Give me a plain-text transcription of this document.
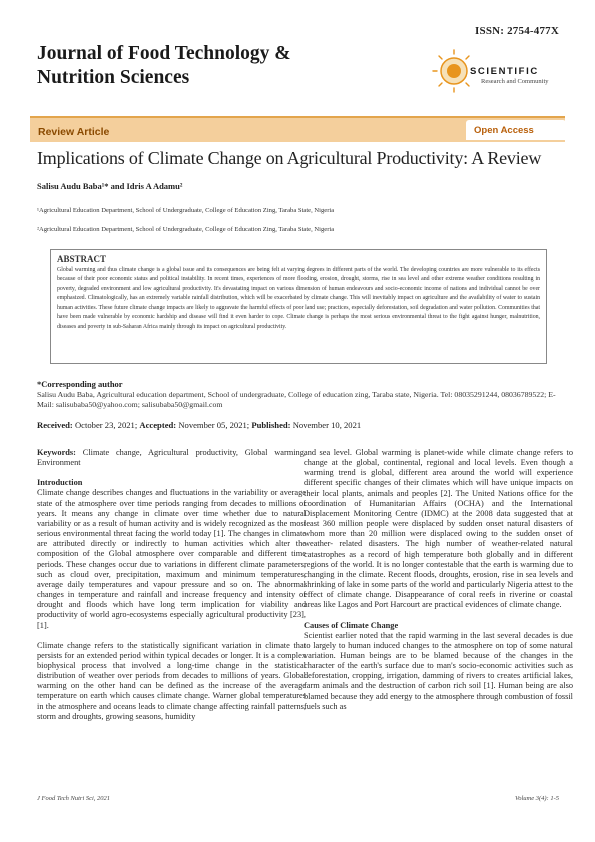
ISSN: 2754-477X
Journal of Food Technology & Nutrition Sciences	SCIENTIFIC
Research and Community
Review Article	Open Access
Implications of Climate Change on Agricultural Productivity: A Review
Salisu Audu Baba¹* and Idris A Adamu²
¹Agricultural Education Department, School of Undergraduate, College of Education Zing, Taraba State, Nigeria
²Agricultural Education Department, School of Undergraduate, College of Education Zing, Taraba State, Nigeria
ABSTRACT
Global warming and thus climate change is a global issue and its consequences are being felt at varying degrees in different parts of the world. The developing countries are more vulnerable to its effects because of their poor economic status and political instability. In recent times, experiences of more flooding, erosion, drought, storms, rise in sea level and other extreme weather conditions resulting in poverty, degraded environment and low agricultural productivity. It's devastating impact on various dimension of human endeavours and socio-economic income of nations and individual cannot be over emphasized. Climatologically, has an extremely variable rainfall distribution, which will be exacerbated by climate change. This will inevitably impact on agriculture and the availability of water to sustain human activities. These future climate change impacts are likely to aggravate the harmful effects of poor land use; practices, especially deforestation, soil degradation and water pollution. Communities that have been made vulnerable by economic hardship and disease will find it even harder to cope. Climate change is perhaps the most serious environmental threat to the fight against hunger, malnutrition, diseases and poverty in sub-Saharan Africa mainly through its impact on agricultural productivity.
*Corresponding author
Salisu Audu Baba, Agricultural education department, School of undergraduate, College of education zing, Taraba state, Nigeria. Tel: 08035291244, 08036789522; E-Mail: salisubaba50@yahoo.com; salisubaba50@gmail.com
Received: October 23, 2021; Accepted: November 05, 2021; Published: November 10, 2021

Keywords: Climate change, Agricultural productivity, Global warming, Environment

Introduction

Climate change describes changes and fluctuations in the variability or average state of the atmosphere over time periods ranging from decades to millions of years. It means any change in climate over time whether due to natural variability or as a result of human activity and is widely recognized as the most serious environmental threat facing the world today [1]. The changes in climate are attributed directly or indirectly to human activities which alter the composition of the Global atmosphere over comparable and different time periods. These changes occur due to variations in different climate parameters, such as cloud over, precipitation, maximum and minimum temperatures, average daily temperatures and vapour pressure and so on. The abnormal changes in temperature and rainfall and increase frequency and intensity of drought and floods which have long term implication for viability and productivity of world agro-ecosystems especially agricultural productivity [23], [1].

Climate change refers to the statistically significant variation in climate that persists for an extended period within typical decades or longer. It is a complex biophysical process that involved a long-time change in the statistical distribution of weather over periods from decades to millions of years. Global warming on the other hand can be defined as the increase of the average temperature on earth which causes climate change. Warner global temperatures in the atmosphere and oceans leads to climate change affecting rainfall patterns, storm and droughts, growing seasons, humidity

and sea level. Global warming is planet-wide while climate change refers to change at the global, continental, regional and local levels. Even though a warming trend is global, different area around the world will experience different specific changes of their climates which will have unique impacts on their local plants, animals and peoples [2]. The United Nations office for the coordination of Humanitarian Affairs (OCHA) and the International Displacement Monitoring Centre (IDMC) at the 2008 data suggested that at least 360 million people were displaced by sudden onset natural disasters of whom more than 20 million were displaced owing to the sudden onset of weather- related disasters. The high number of weather-related natural catastrophes as a record of high temperature both globally and in different regions of the world. It is no longer contestable that the earth is warming due to changing in the climate. Recent floods, droughts, erosion, rise in sea levels and shrinking of lake in some parts of the world and particularly Nigeria attest to the effect of climate change. Disappearance of coral reefs in riverine or coastal areas like Lagos and Port Harcourt are practical evidences of climate change.

Causes of Climate Change

Scientist earlier noted that the rapid warming in the last several decades is due to largely to human induced changes to the atmosphere on top of some natural variation. Human beings are to be blamed because of the changes in the character of the earth's surface due to man's socio-economic activities such as deforestation, cropping, irrigation, damming of rivers to creates artificial lakes, farm animals and the destruction of carbon rich soil [1]. Human being are also blamed because they add energy to the atmosphere through combustion of fossil fuels such as

J Food Tech Nutri Sci, 2021	Volume 3(4): 1-5
